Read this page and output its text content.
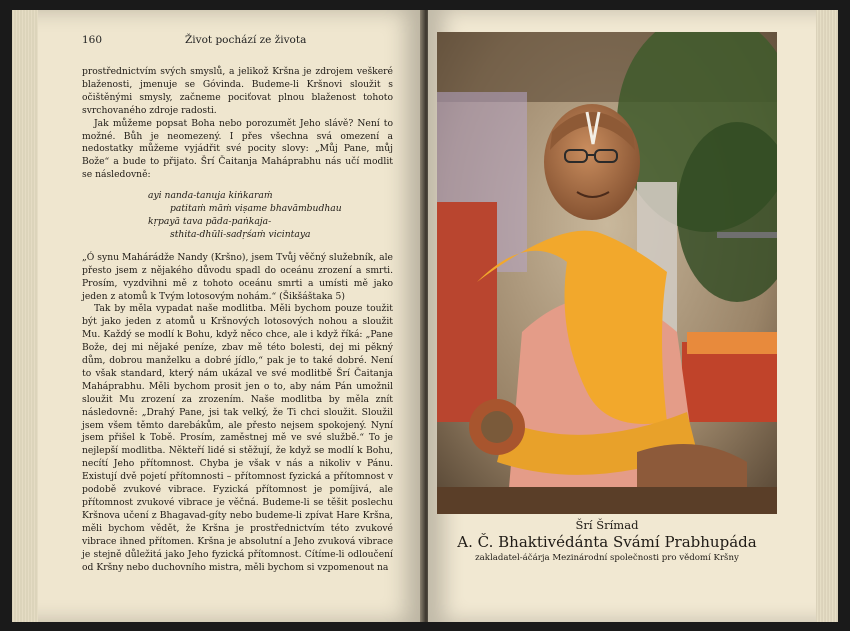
160	Život pochází ze života

prostřednictvím svých smyslů, a jelikož Kršna je zdrojem veškeré blaženosti, jmenuje se Góvinda. Budeme-li Kršnovi sloužit s očištěnými smysly, začneme pociťovat plnou blaženost tohoto svrchovaného zdroje radosti.

Jak můžeme popsat Boha nebo porozumět Jeho slávě? Není to možné. Bůh je neomezený. I přes všechna svá omezení a nedostatky můžeme vyjádřit své pocity slovy: „Můj Pane, můj Bože“ a bude to přijato. Šrí Čaitanja Maháprabhu nás učí modlit se následovně:

ayi nanda-tanuja kiṅkaraṁ
patitaṁ māṁ viṣame bhavāmbudhau
kṛpayā tava pāda-paṅkaja-
sthita-dhūli-sadṛśaṁ vicintaya

„Ó synu Mahárádže Nandy (Kršno), jsem Tvůj věčný služebník, ale přesto jsem z nějakého důvodu spadl do oceánu zrození a smrti. Prosím, vyzdvihni mě z tohoto oceánu smrti a umísti mě jako jeden z atomů k Tvým lotosovým nohám.“ (Šikšáštaka 5)

Tak by měla vypadat naše modlitba. Měli bychom pouze toužit být jako jeden z atomů u Kršnových lotosových nohou a sloužit Mu. Každý se modlí k Bohu, když něco chce, ale i když říká: „Pane Bože, dej mi nějaké peníze, zbav mě této bolesti, dej mi pěkný dům, dobrou manželku a dobré jídlo,“ pak je to také dobré. Není to však standard, který nám ukázal ve své modlitbě Šrí Čaitanja Maháprabhu. Měli bychom prosit jen o to, aby nám Pán umožnil sloužit Mu zrození za zrozením. Naše modlitba by měla znít následovně: „Drahý Pane, jsi tak velký, že Ti chci sloužit. Sloužil jsem všem těmto darebákům, ale přesto nejsem spokojený. Nyní jsem přišel k Tobě. Prosím, zaměstnej mě ve své službě.“ To je nejlepší modlitba. Někteří lidé si stěžují, že když se modlí k Bohu, necítí Jeho přítomnost. Chyba je však v nás a nikoliv v Pánu. Existují dvě pojetí přítomnosti – přítomnost fyzická a přítomnost v podobě zvukové vibrace. Fyzická přítomnost je pomíjivá, ale přítomnost zvukové vibrace je věčná. Budeme-li se těšit poslechu Kršnova učení z Bhagavad-gíty nebo budeme-li zpívat Hare Kršna, měli bychom vědět, že Kršna je prostřednictvím této zvukové vibrace ihned přítomen. Kršna je absolutní a Jeho zvuková vibrace je stejně důležitá jako Jeho fyzická přítomnost. Cítíme-li odloučení od Kršny nebo duchovního mistra, měli bychom si vzpomenout na

Šrí Šrímad
A. Č. Bhaktivédánta Svámí Prabhupáda
zakladatel-áčárja Mezinárodní společnosti pro vědomí Kršny
